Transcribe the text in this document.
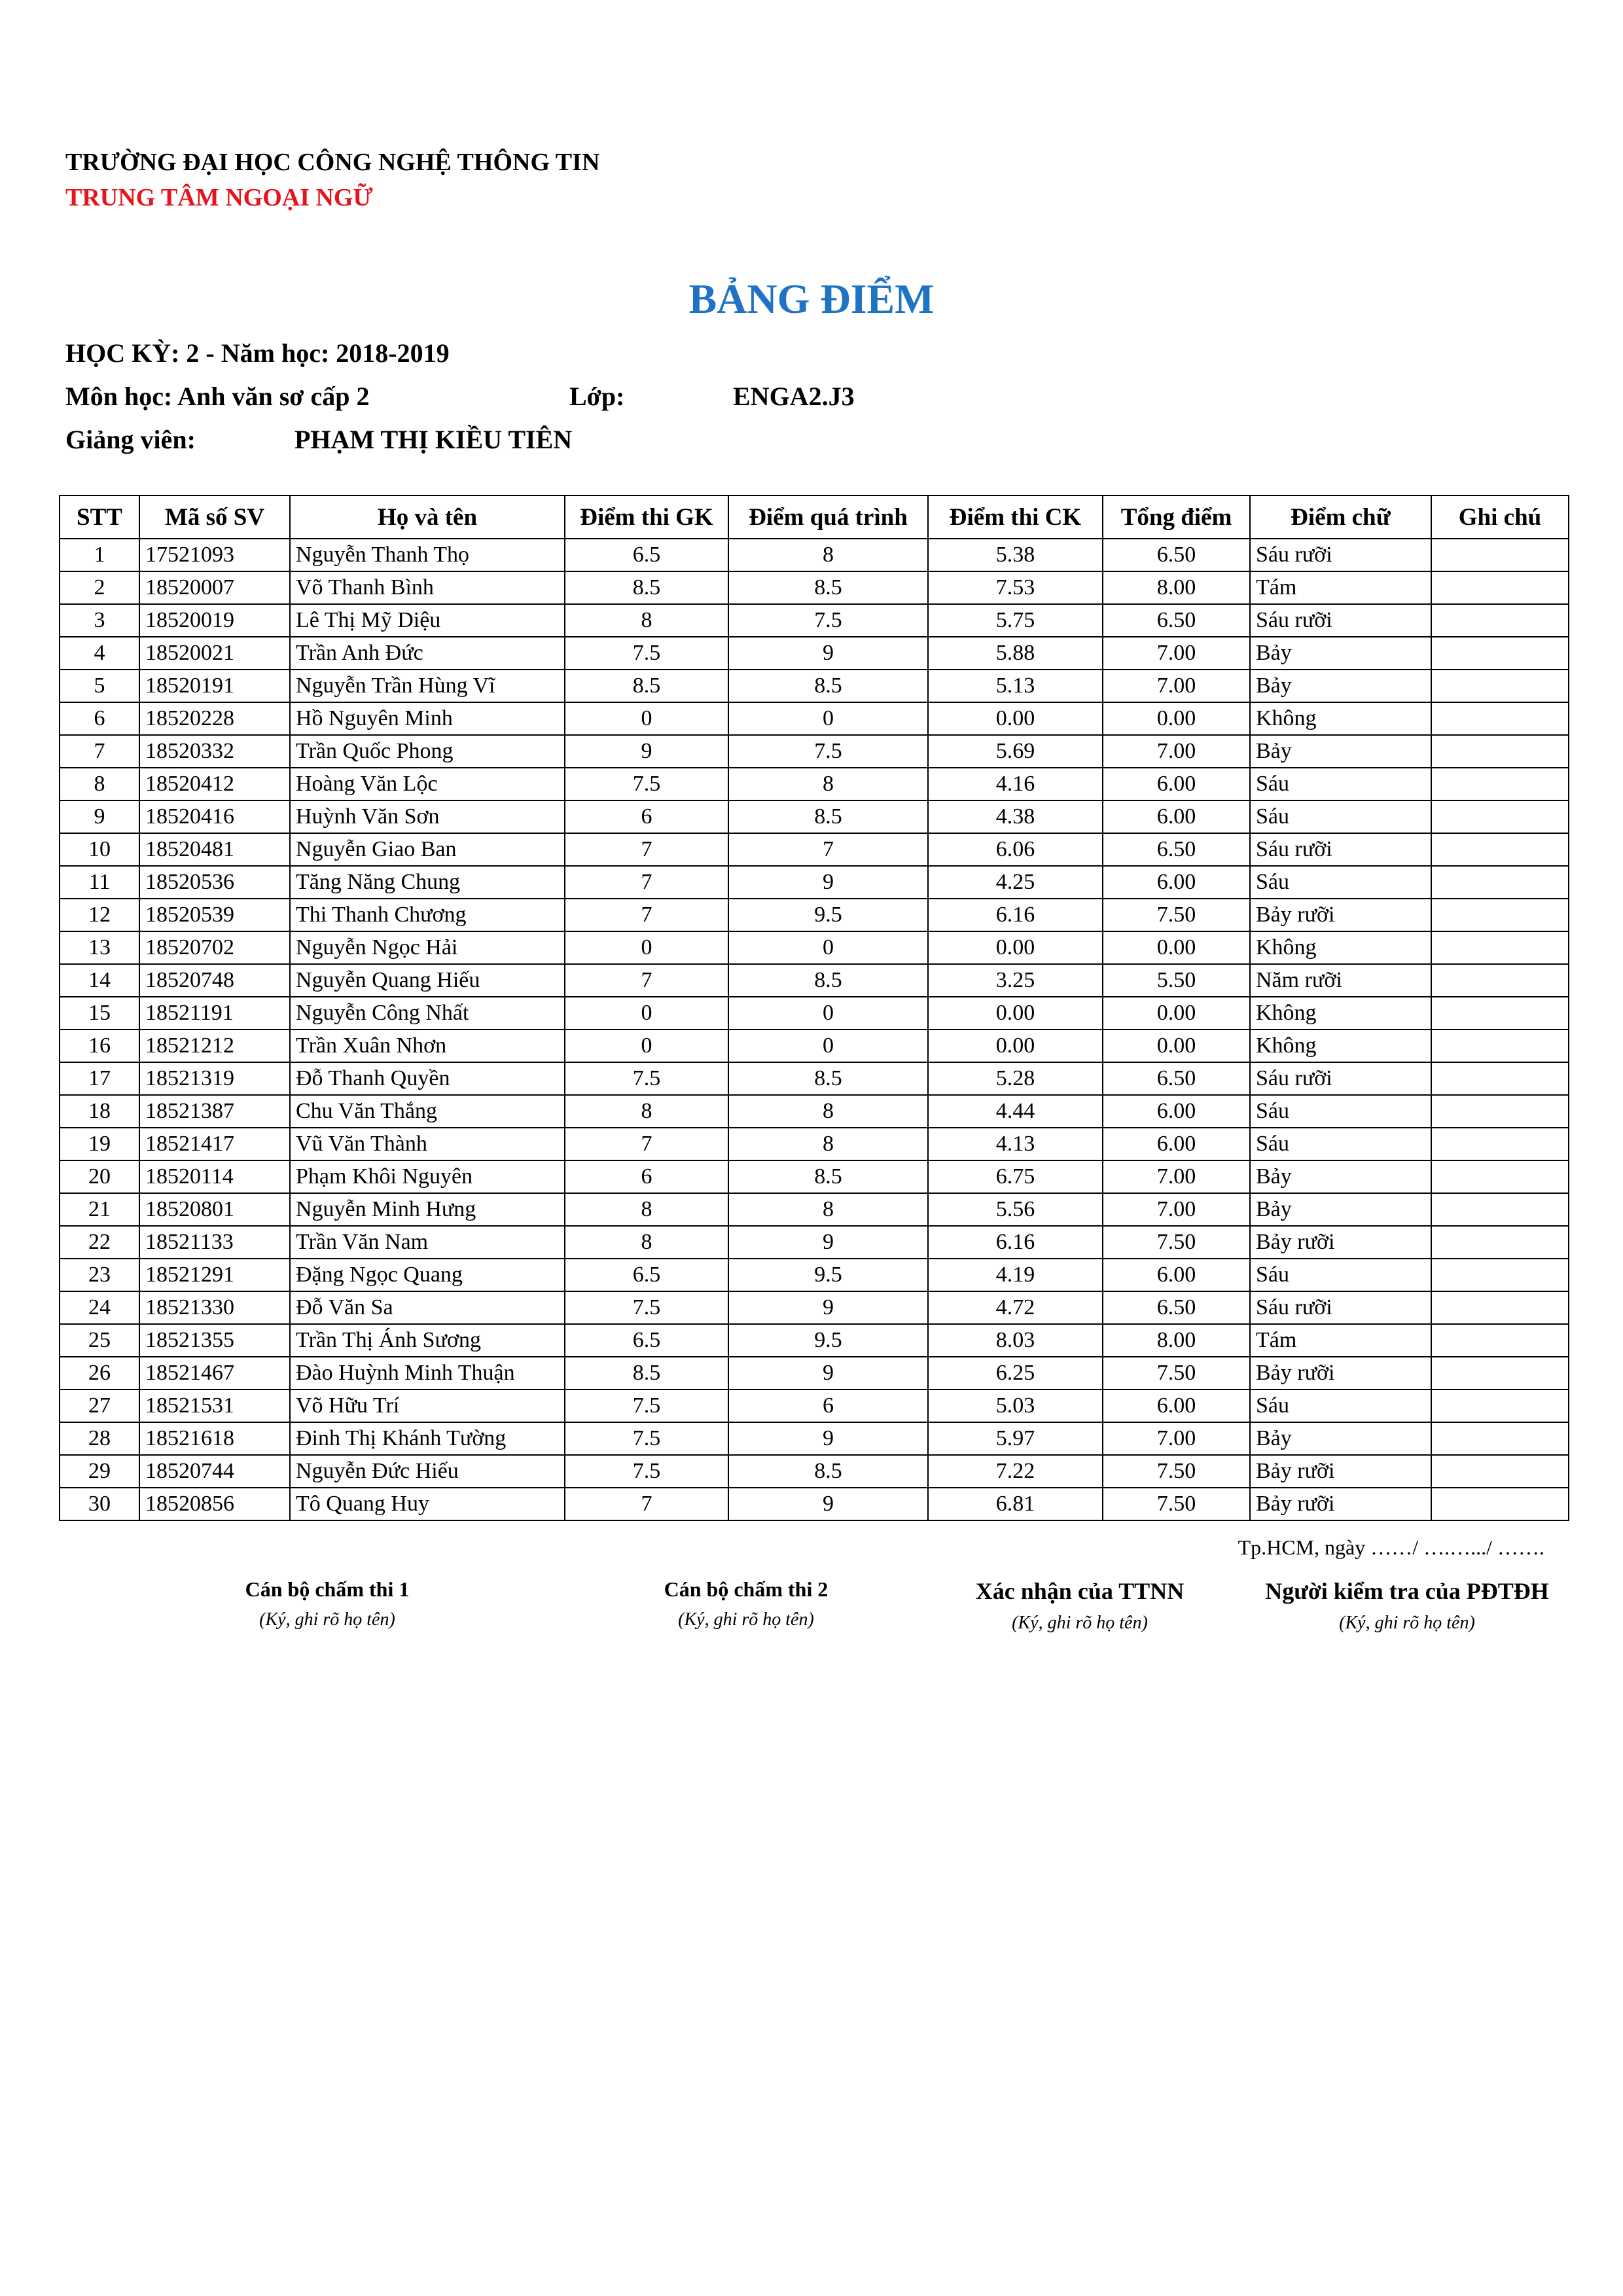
TRƯỜNG ĐẠI HỌC CÔNG NGHỆ THÔNG TIN
TRUNG TÂM NGOẠI NGỮ
BẢNG ĐIỂM
HỌC KỲ: 2 - Năm học: 2018-2019
Môn học: Anh văn sơ cấp 2	Lớp:	ENGA2.J3
Giảng viên:	PHẠM THỊ KIỀU TIÊN
STT	Mã số SV	Họ và tên	Điểm thi GK	Điểm quá trình	Điểm thi CK	Tổng điểm	Điểm chữ	Ghi chú
1	17521093	Nguyễn Thanh Thọ	6.5	8	5.38	6.50	Sáu rưỡi	
2	18520007	Võ Thanh Bình	8.5	8.5	7.53	8.00	Tám	
3	18520019	Lê Thị Mỹ Diệu	8	7.5	5.75	6.50	Sáu rưỡi	
4	18520021	Trần Anh Đức	7.5	9	5.88	7.00	Bảy	
5	18520191	Nguyễn Trần Hùng Vĩ	8.5	8.5	5.13	7.00	Bảy	
6	18520228	Hồ Nguyên Minh	0	0	0.00	0.00	Không	
7	18520332	Trần Quốc Phong	9	7.5	5.69	7.00	Bảy	
8	18520412	Hoàng Văn Lộc	7.5	8	4.16	6.00	Sáu	
9	18520416	Huỳnh Văn Sơn	6	8.5	4.38	6.00	Sáu	
10	18520481	Nguyễn Giao Ban	7	7	6.06	6.50	Sáu rưỡi	
11	18520536	Tăng Năng Chung	7	9	4.25	6.00	Sáu	
12	18520539	Thi Thanh Chương	7	9.5	6.16	7.50	Bảy rưỡi	
13	18520702	Nguyễn Ngọc Hải	0	0	0.00	0.00	Không	
14	18520748	Nguyễn Quang Hiếu	7	8.5	3.25	5.50	Năm rưỡi	
15	18521191	Nguyễn Công Nhất	0	0	0.00	0.00	Không	
16	18521212	Trần Xuân Nhơn	0	0	0.00	0.00	Không	
17	18521319	Đỗ Thanh Quyền	7.5	8.5	5.28	6.50	Sáu rưỡi	
18	18521387	Chu Văn Thắng	8	8	4.44	6.00	Sáu	
19	18521417	Vũ Văn Thành	7	8	4.13	6.00	Sáu	
20	18520114	Phạm Khôi Nguyên	6	8.5	6.75	7.00	Bảy	
21	18520801	Nguyễn Minh Hưng	8	8	5.56	7.00	Bảy	
22	18521133	Trần Văn Nam	8	9	6.16	7.50	Bảy rưỡi	
23	18521291	Đặng Ngọc Quang	6.5	9.5	4.19	6.00	Sáu	
24	18521330	Đỗ Văn Sa	7.5	9	4.72	6.50	Sáu rưỡi	
25	18521355	Trần Thị Ánh Sương	6.5	9.5	8.03	8.00	Tám	
26	18521467	Đào Huỳnh Minh Thuận	8.5	9	6.25	7.50	Bảy rưỡi	
27	18521531	Võ Hữu Trí	7.5	6	5.03	6.00	Sáu	
28	18521618	Đinh Thị Khánh Tường	7.5	9	5.97	7.00	Bảy	
29	18520744	Nguyễn Đức Hiếu	7.5	8.5	7.22	7.50	Bảy rưỡi	
30	18520856	Tô Quang Huy	7	9	6.81	7.50	Bảy rưỡi	
Tp.HCM, ngày ……/ ….….../ …….
Cán bộ chấm thi 1
(Ký, ghi rõ họ tên)
Cán bộ chấm thi 2
(Ký, ghi rõ họ tên)
Xác nhận của TTNN
(Ký, ghi rõ họ tên)
Người kiểm tra của PĐTĐH
(Ký, ghi rõ họ tên)
